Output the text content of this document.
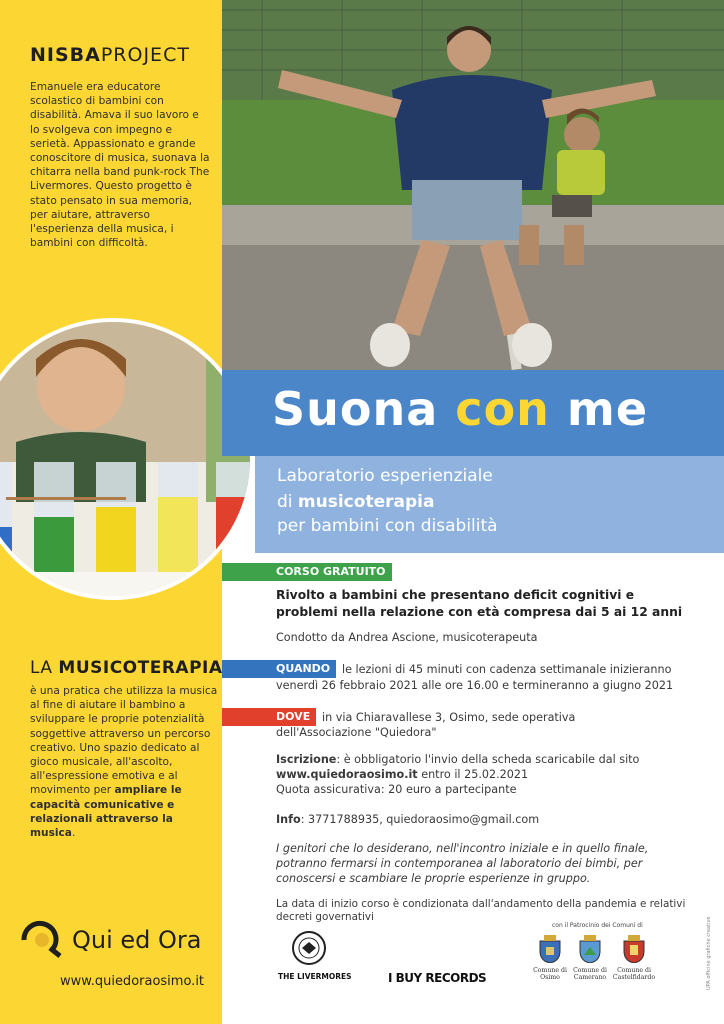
NISBAPROJECT
Emanuele era educatore scolastico di bambini con disabilità. Amava il suo lavoro e lo svolgeva con impegno e serietà. Appassionato e grande conoscitore di musica, suonava la chitarra nella band punk-rock The Livermores. Questo progetto è stato pensato in sua memoria, per aiutare, attraverso l'esperienza della musica, i bambini con difficoltà.
Suona con me
Laboratorio esperienziale
di musicoterapia
per bambini con disabilità
CORSO GRATUITO
Rivolto a bambini che presentano deficit cognitivi e problemi nella relazione con età compresa dai 5 ai 12 anni
Condotto da Andrea Ascione, musicoterapeuta
QUANDO	le lezioni di 45 minuti con cadenza settimanale inizieranno
venerdì 26 febbraio 2021 alle ore 16.00 e termineranno a giugno 2021
DOVE	in via Chiaravallese 3, Osimo, sede operativa
dell'Associazione "Quiedora"
Iscrizione: è obbligatorio l'invio della scheda scaricabile dal sito
www.quiedoraosimo.it entro il 25.02.2021
Quota assicurativa: 20 euro a partecipante
Info: 3771788935, quiedoraosimo@gmail.com
I genitori che lo desiderano, nell'incontro iniziale e in quello finale, potranno fermarsi in contemporanea al laboratorio dei bimbi, per conoscersi e scambiare le proprie esperienze in gruppo.
La data di inizio corso è condizionata dall'andamento della pandemia e relativi decreti governativi
LA MUSICOTERAPIA
è una pratica che utilizza la musica al fine di aiutare il bambino a sviluppare le proprie potenzialità soggettive attraverso un percorso creativo. Uno spazio dedicato al gioco musicale, all'ascolto, all'espressione emotiva e al movimento per ampliare le capacità comunicative e relazionali attraverso la musica.
Qui ed Ora
www.quiedoraosimo.it	THE LIVERMORES	I BUY RECORDS
con il Patrocinio dei Comuni di
Comune di Osimo
Comune di Camerano
Comune di Castelfidardo	UPA officine grafiche creative
